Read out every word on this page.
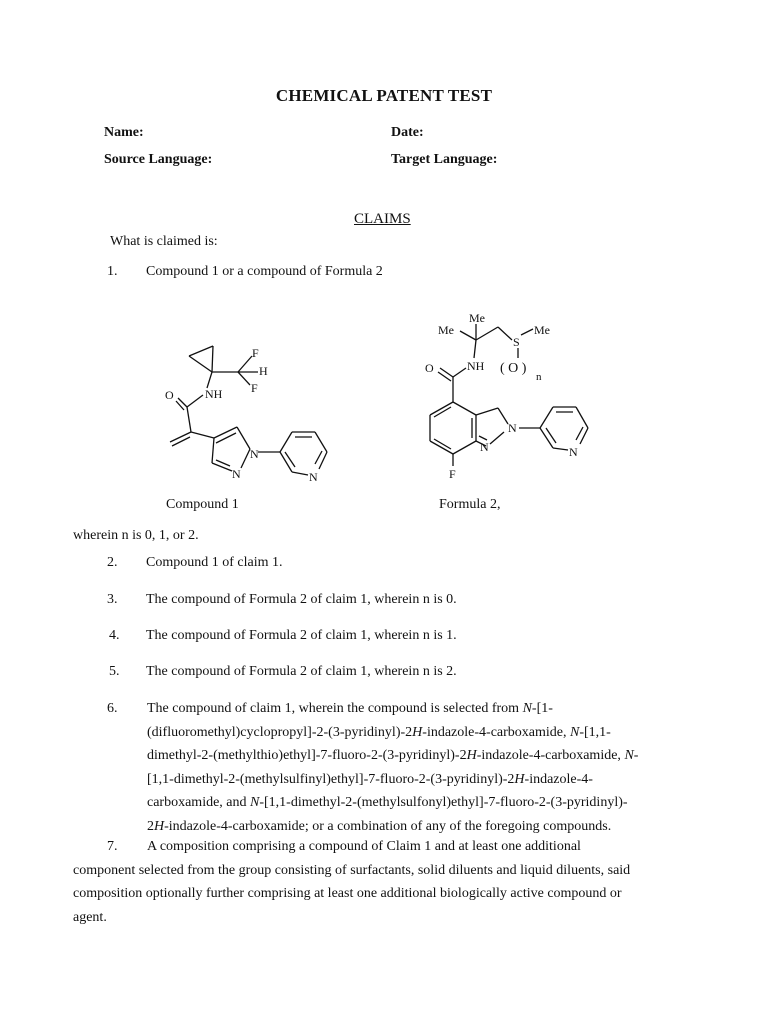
CHEMICAL PATENT TEST
Name:	Date:
Source Language:	Target Language:
CLAIMS
What is claimed is:
1. Compound 1 or a compound of Formula 2
F
H
F
O	NH
N
N	N
Me
Me	Me
S
( O )
n
O	NH
N
N	N
F
Compound 1	Formula 2,
wherein n is 0, 1, or 2.
2. Compound 1 of claim 1.
3. The compound of Formula 2 of claim 1, wherein n is 0.
4. The compound of Formula 2 of claim 1, wherein n is 1.
5. The compound of Formula 2 of claim 1, wherein n is 2.
6. The compound of claim 1, wherein the compound is selected from N-[1-
(difluoromethyl)cyclopropyl]-2-(3-pyridinyl)-2H-indazole-4-carboxamide, N-[1,1-
dimethyl-2-(methylthio)ethyl]-7-fluoro-2-(3-pyridinyl)-2H-indazole-4-carboxamide, N-
[1,1-dimethyl-2-(methylsulfinyl)ethyl]-7-fluoro-2-(3-pyridinyl)-2H-indazole-4-
carboxamide, and N-[1,1-dimethyl-2-(methylsulfonyl)ethyl]-7-fluoro-2-(3-pyridinyl)-
2H-indazole-4-carboxamide; or a combination of any of the foregoing compounds.
7.	A composition comprising a compound of Claim 1 and at least one additional
component selected from the group consisting of surfactants, solid diluents and liquid diluents, said
composition optionally further comprising at least one additional biologically active compound or
agent.
